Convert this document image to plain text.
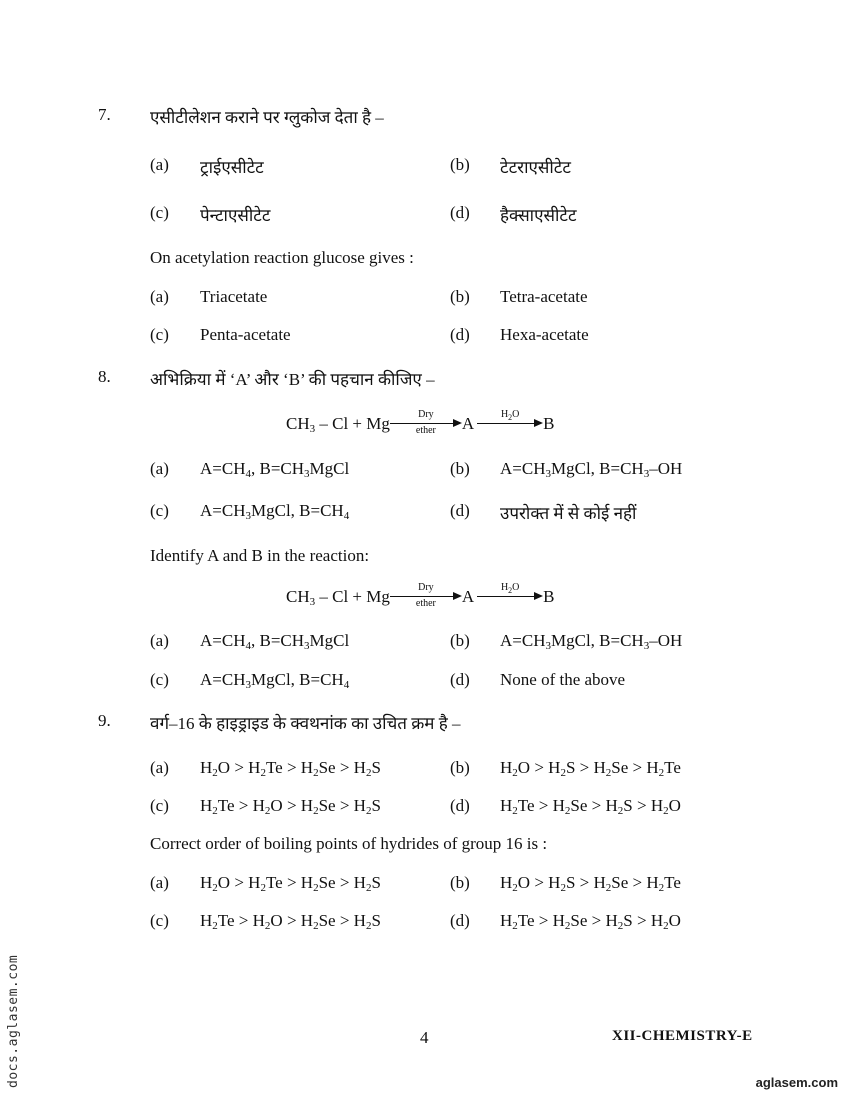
7. एसीटीलेशन कराने पर ग्लुकोज देता है –
(a) ट्राईएसीटेट	(b) टेटराएसीटेट
(c) पेन्टाएसीटेट	(d) हैक्साएसीटेट
On acetylation reaction glucose gives :
(a) Triacetate	(b) Tetra-acetate
(c) Penta-acetate	(d) Hexa-acetate
8. अभिक्रिया में ‘A’ और ‘B’ की पहचान कीजिए –
$CH_3 - Cl + Mg$	Dry
ether	A	$H_2O$	B
(a) $A=CH_4$, $B=CH_3MgCl$	(b) $A=CH_3MgCl$, $B=CH_3-OH$
(c) $A=CH_3MgCl$, $B=CH_4$	(d) उपरोक्त में से कोई नहीं
Identify A and B in the reaction:
$CH_3 - Cl + Mg$	Dry
ether	A	$H_2O$	B
(a) $A=CH_4$, $B=CH_3MgCl$	(b) $A=CH_3MgCl$, $B=CH_3-OH$
(c) $A=CH_3MgCl$, $B=CH_4$	(d) None of the above
9. वर्ग–16 के हाइड्राइड के क्वथनांक का उचित क्रम है –
(a) $H_2O > H_2Te > H_2Se > H_2S$	(b) $H_2O > H_2S > H_2Se > H_2Te$
(c) $H_2Te > H_2O > H_2Se > H_2S$	(d) $H_2Te > H_2Se > H_2S > H_2O$
Correct order of boiling points of hydrides of group 16 is :
(a) $H_2O > H_2Te > H_2Se > H_2S$	(b) $H_2O > H_2S > H_2Se > H_2Te$
(c) $H_2Te > H_2O > H_2Se > H_2S$	(d) $H_2Te > H_2Se > H_2S > H_2O$
4	XII-CHEMISTRY-E
docs.aglasem.com	aglasem.com
